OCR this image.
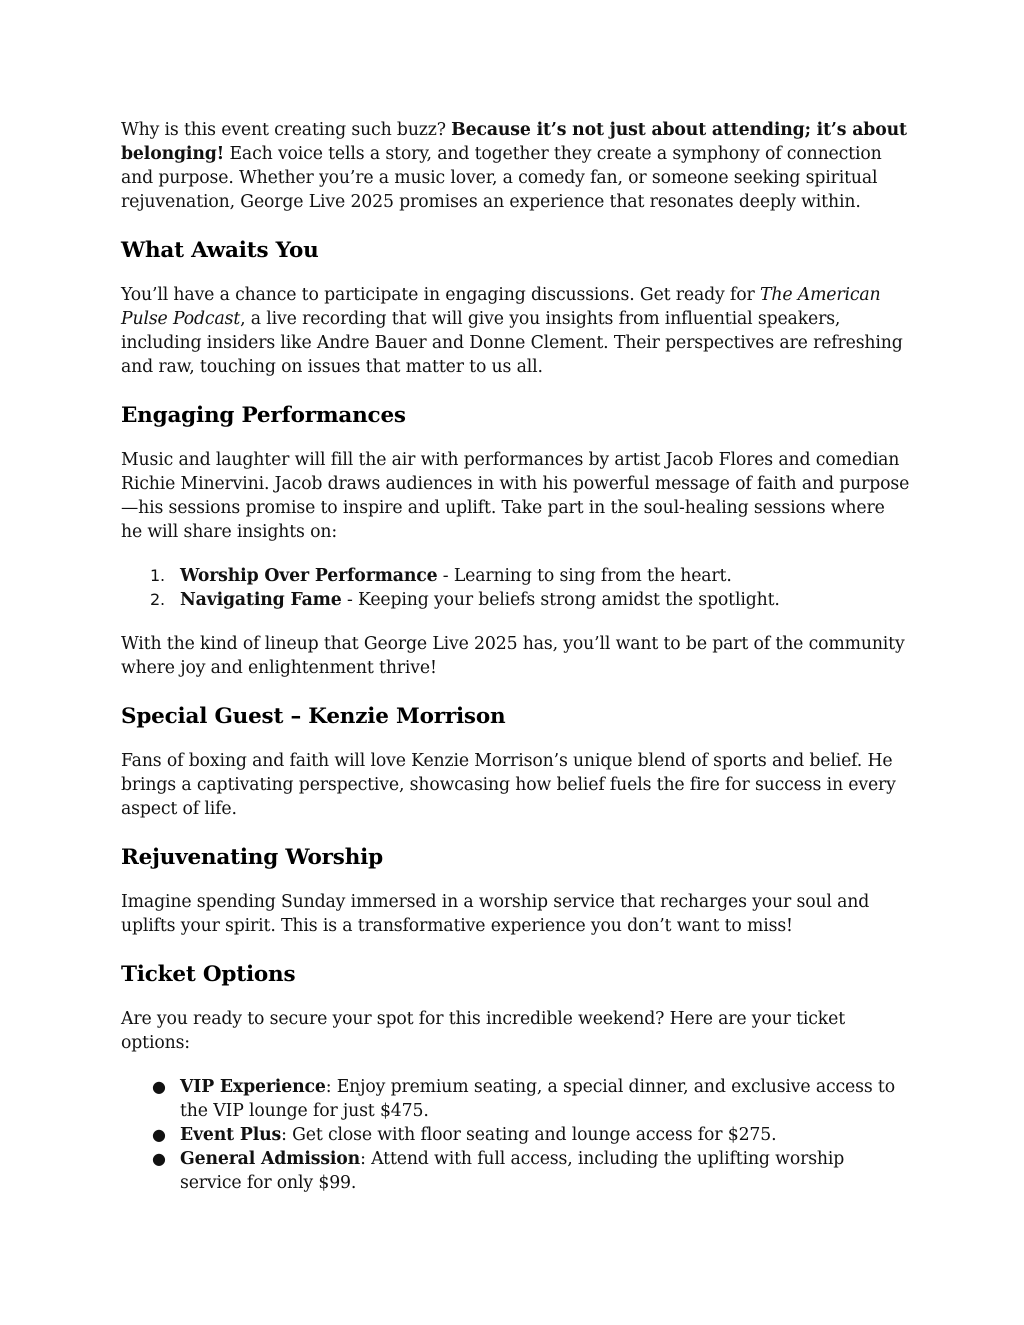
Why is this event creating such buzz? Because it’s not just about attending; it’s about belonging! Each voice tells a story, and together they create a symphony of connection and purpose. Whether you’re a music lover, a comedy fan, or someone seeking spiritual rejuvenation, George Live 2025 promises an experience that resonates deeply within.

What Awaits You

You’ll have a chance to participate in engaging discussions. Get ready for The American Pulse Podcast, a live recording that will give you insights from influential speakers, including insiders like Andre Bauer and Donne Clement. Their perspectives are refreshing and raw, touching on issues that matter to us all.

Engaging Performances

Music and laughter will fill the air with performances by artist Jacob Flores and comedian Richie Minervini. Jacob draws audiences in with his powerful message of faith and purpose—his sessions promise to inspire and uplift. Take part in the soul-healing sessions where he will share insights on:

1. Worship Over Performance - Learning to sing from the heart.
2. Navigating Fame - Keeping your beliefs strong amidst the spotlight.

With the kind of lineup that George Live 2025 has, you’ll want to be part of the community where joy and enlightenment thrive!

Special Guest – Kenzie Morrison

Fans of boxing and faith will love Kenzie Morrison’s unique blend of sports and belief. He brings a captivating perspective, showcasing how belief fuels the fire for success in every aspect of life.

Rejuvenating Worship

Imagine spending Sunday immersed in a worship service that recharges your soul and uplifts your spirit. This is a transformative experience you don’t want to miss!

Ticket Options

Are you ready to secure your spot for this incredible weekend? Here are your ticket options:

● VIP Experience: Enjoy premium seating, a special dinner, and exclusive access to the VIP lounge for just $475.
● Event Plus: Get close with floor seating and lounge access for $275.
● General Admission: Attend with full access, including the uplifting worship service for only $99.
